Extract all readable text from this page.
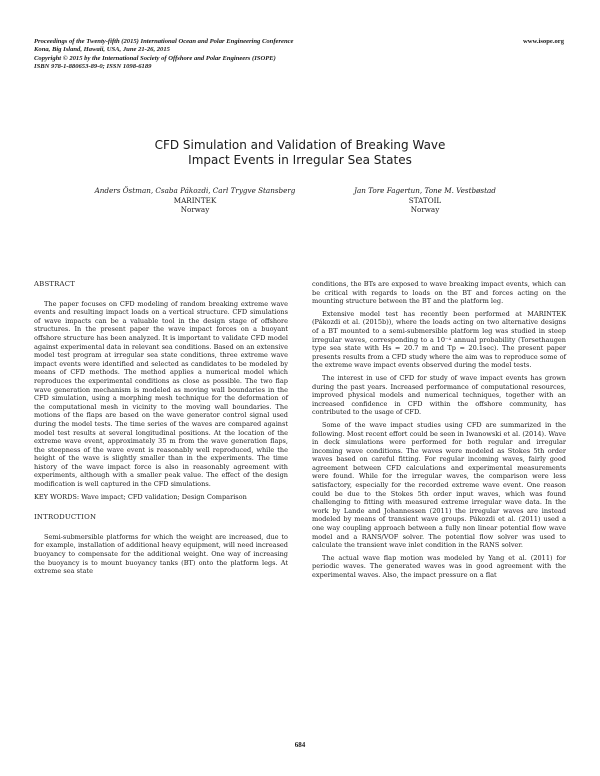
Proceedings of the Twenty-fifth (2015) International Ocean and Polar Engineering Conference
Kona, Big Island, Hawaii, USA, June 21-26, 2015
Copyright © 2015 by the International Society of Offshore and Polar Engineers (ISOPE)
ISBN 978-1-880653-89-0; ISSN 1098-6189
www.isope.org
CFD Simulation and Validation of Breaking Wave
Impact Events in Irregular Sea States
Anders Östman, Csaba Pákozdi, Carl Trygve Stansberg
MARINTEK
Norway
Jan Tore Fagertun, Tone M. Vestbøstad
STATOIL
Norway
ABSTRACT

The paper focuses on CFD modeling of random breaking extreme wave events and resulting impact loads on a vertical structure. CFD simulations of wave impacts can be a valuable tool in the design stage of offshore structures. In the present paper the wave impact forces on a buoyant offshore structure has been analyzed. It is important to validate CFD model against experimental data in relevant sea conditions. Based on an extensive model test program at irregular sea state conditions, three extreme wave impact events were identified and selected as candidates to be modeled by means of CFD methods. The method applies a numerical model which reproduces the experimental conditions as close as possible. The two flap wave generation mechanism is modeled as moving wall boundaries in the CFD simulation, using a morphing mesh technique for the deformation of the computational mesh in vicinity to the moving wall boundaries. The motions of the flaps are based on the wave generator control signal used during the model tests. The time series of the waves are compared against model test results at several longitudinal positions. At the location of the extreme wave event, approximately 35 m from the wave generation flaps, the steepness of the wave event is reasonably well reproduced, while the height of the wave is slightly smaller than in the experiments. The time history of the wave impact force is also in reasonably agreement with experiments, although with a smaller peak value. The effect of the design modification is well captured in the CFD simulations.

KEY WORDS: Wave impact; CFD validation; Design Comparison

INTRODUCTION

Semi-submersible platforms for which the weight are increased, due to for example, installation of additional heavy equipment, will need increased buoyancy to compensate for the additional weight. One way of increasing the buoyancy is to mount buoyancy tanks (BT) onto the platform legs. At extreme sea state

conditions, the BTs are exposed to wave breaking impact events, which can be critical with regards to loads on the BT and forces acting on the mounting structure between the BT and the platform leg.

Extensive model test has recently been performed at MARINTEK (Pákozdi et al. (2015b)), where the loads acting on two alternative designs of a BT mounted to a semi-submersible platform leg was studied in steep irregular waves, corresponding to a 10⁻⁴ annual probability (Torsethaugen type sea state with Hs = 20.7 m and Tp = 20.1sec). The present paper presents results from a CFD study where the aim was to reproduce some of the extreme wave impact events observed during the model tests.

The interest in use of CFD for study of wave impact events has grown during the past years. Increased performance of computational resources, improved physical models and numerical techniques, together with an increased confidence in CFD within the offshore community, has contributed to the usage of CFD.

Some of the wave impact studies using CFD are summarized in the following. Most recent effort could be seen in Iwanowski et al. (2014). Wave in deck simulations were performed for both regular and irregular incoming wave conditions. The waves were modeled as Stokes 5th order waves based on careful fitting. For regular incoming waves, fairly good agreement between CFD calculations and experimental measurements were found. While for the irregular waves, the comparison were less satisfactory, especially for the recorded extreme wave event. One reason could be due to the Stokes 5th order input waves, which was found challenging to fitting with measured extreme irregular wave data. In the work by Lande and Johannessen (2011) the irregular waves are instead modeled by means of transient wave groups. Pákozdi et al. (2011) used a one way coupling approach between a fully non linear potential flow wave model and a RANS/VOF solver. The potential flow solver was used to calculate the transient wave inlet condition in the RANS solver.

The actual wave flap motion was modeled by Yang et al. (2011) for periodic waves. The generated waves was in good agreement with the experimental waves. Also, the impact pressure on a flat

684
